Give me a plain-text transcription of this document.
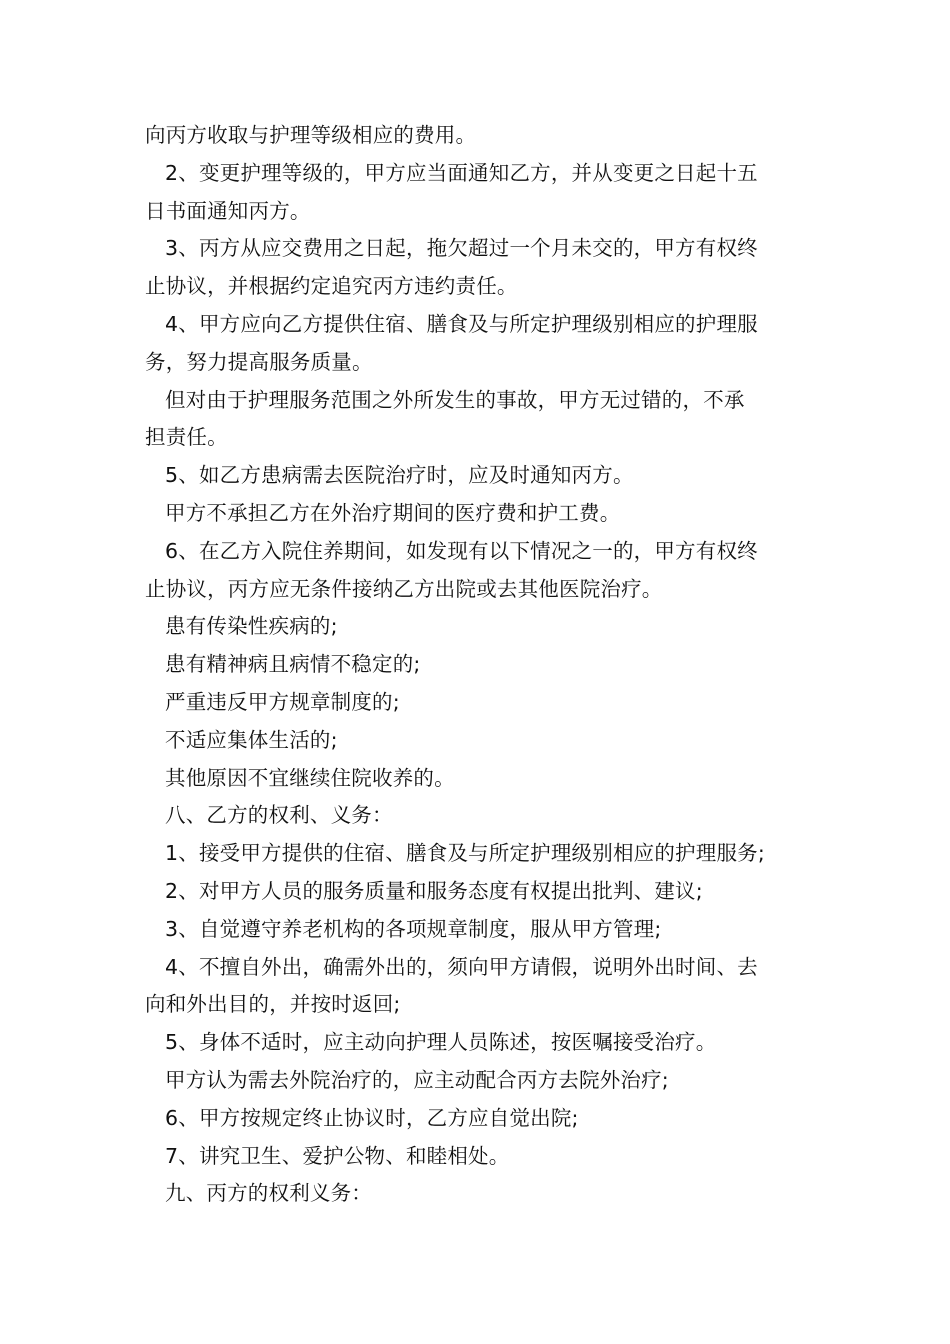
向丙方收取与护理等级相应的费用。
2、变更护理等级的，甲方应当面通知乙方，并从变更之日起十五
日书面通知丙方。
3、丙方从应交费用之日起，拖欠超过一个月未交的，甲方有权终
止协议，并根据约定追究丙方违约责任。
4、甲方应向乙方提供住宿、膳食及与所定护理级别相应的护理服
务，努力提高服务质量。
但对由于护理服务范围之外所发生的事故，甲方无过错的，不承
担责任。
5、如乙方患病需去医院治疗时，应及时通知丙方。
甲方不承担乙方在外治疗期间的医疗费和护工费。
6、在乙方入院住养期间，如发现有以下情况之一的，甲方有权终
止协议，丙方应无条件接纳乙方出院或去其他医院治疗。
患有传染性疾病的;
患有精神病且病情不稳定的;
严重违反甲方规章制度的;
不适应集体生活的;
其他原因不宜继续住院收养的。
八、乙方的权利、义务：
1、接受甲方提供的住宿、膳食及与所定护理级别相应的护理服务;
2、对甲方人员的服务质量和服务态度有权提出批判、建议;
3、自觉遵守养老机构的各项规章制度，服从甲方管理;
4、不擅自外出，确需外出的，须向甲方请假，说明外出时间、去
向和外出目的，并按时返回;
5、身体不适时，应主动向护理人员陈述，按医嘱接受治疗。
甲方认为需去外院治疗的，应主动配合丙方去院外治疗;
6、甲方按规定终止协议时，乙方应自觉出院;
7、讲究卫生、爱护公物、和睦相处。
九、丙方的权利义务：
